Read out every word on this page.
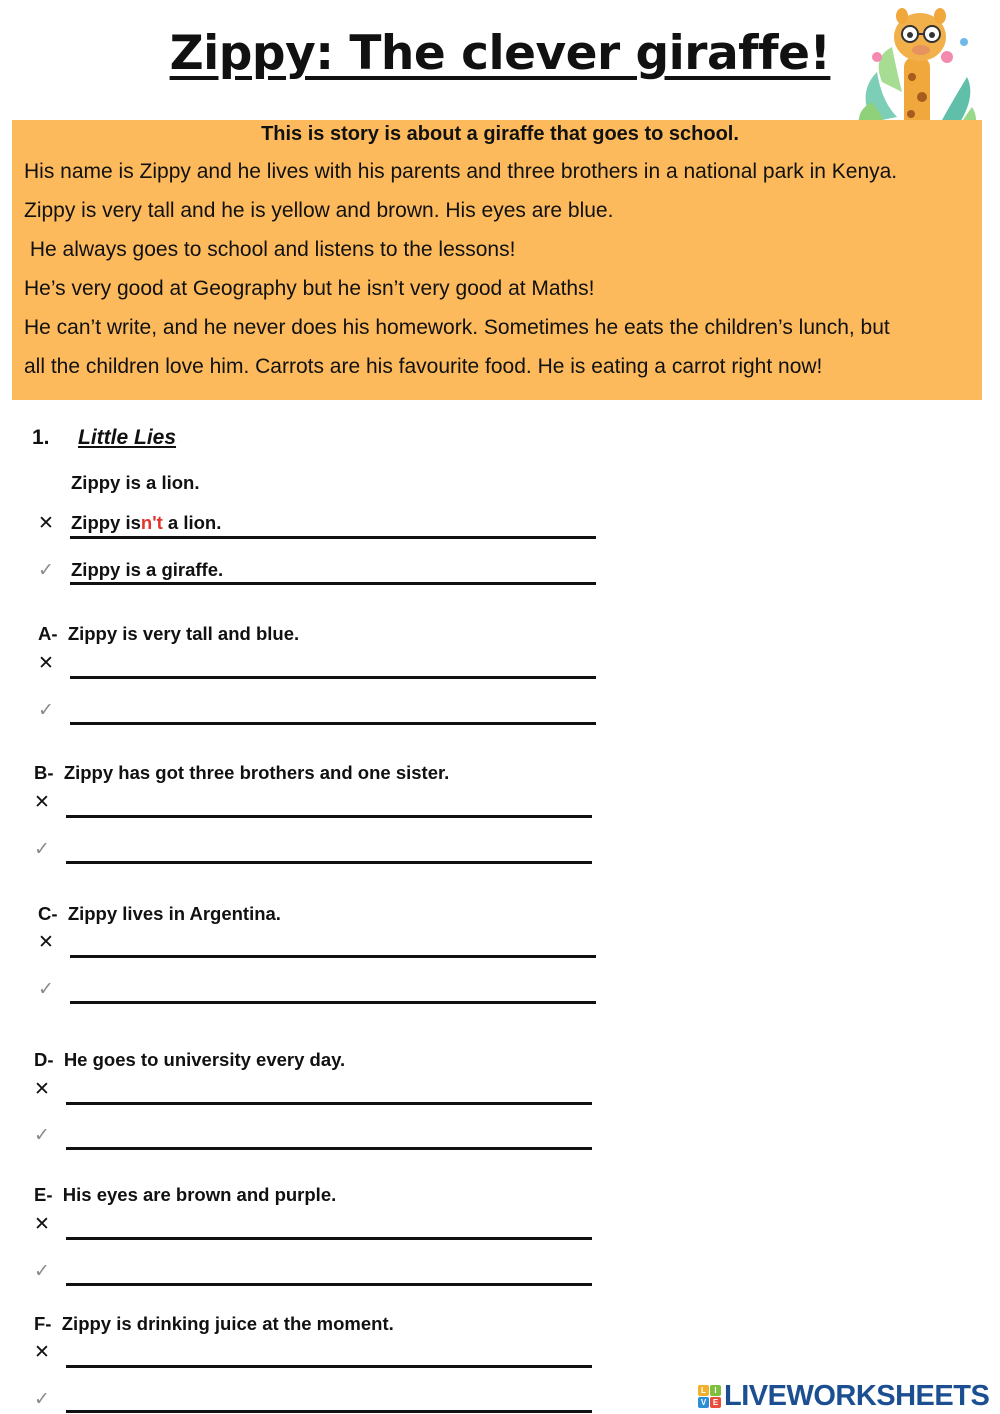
Zippy: The clever giraffe!
This is story is about a giraffe that goes to school.
His name is Zippy and he lives with his parents and three brothers in a national park in Kenya.
Zippy is very tall and he is yellow and brown. His eyes are blue.
He always goes to school and listens to the lessons!
He’s very good at Geography but he isn’t very good at Maths!
He can’t write, and he never does his homework. Sometimes he eats the children’s lunch, but
all the children love him. Carrots are his favourite food. He is eating a carrot right now!
1. Little Lies
Zippy is a lion.
✕ Zippy isn't a lion.
✓ Zippy is a giraffe.
A- Zippy is very tall and blue.
✕
✓
B- Zippy has got three brothers and one sister.
✕
✓
C- Zippy lives in Argentina.
✕
✓
D- He goes to university every day.
✕
✓
E- His eyes are brown and purple.
✕
✓
F- Zippy is drinking juice at the moment.
✕
✓	L	I
V E LIVEWORKSHEETS
